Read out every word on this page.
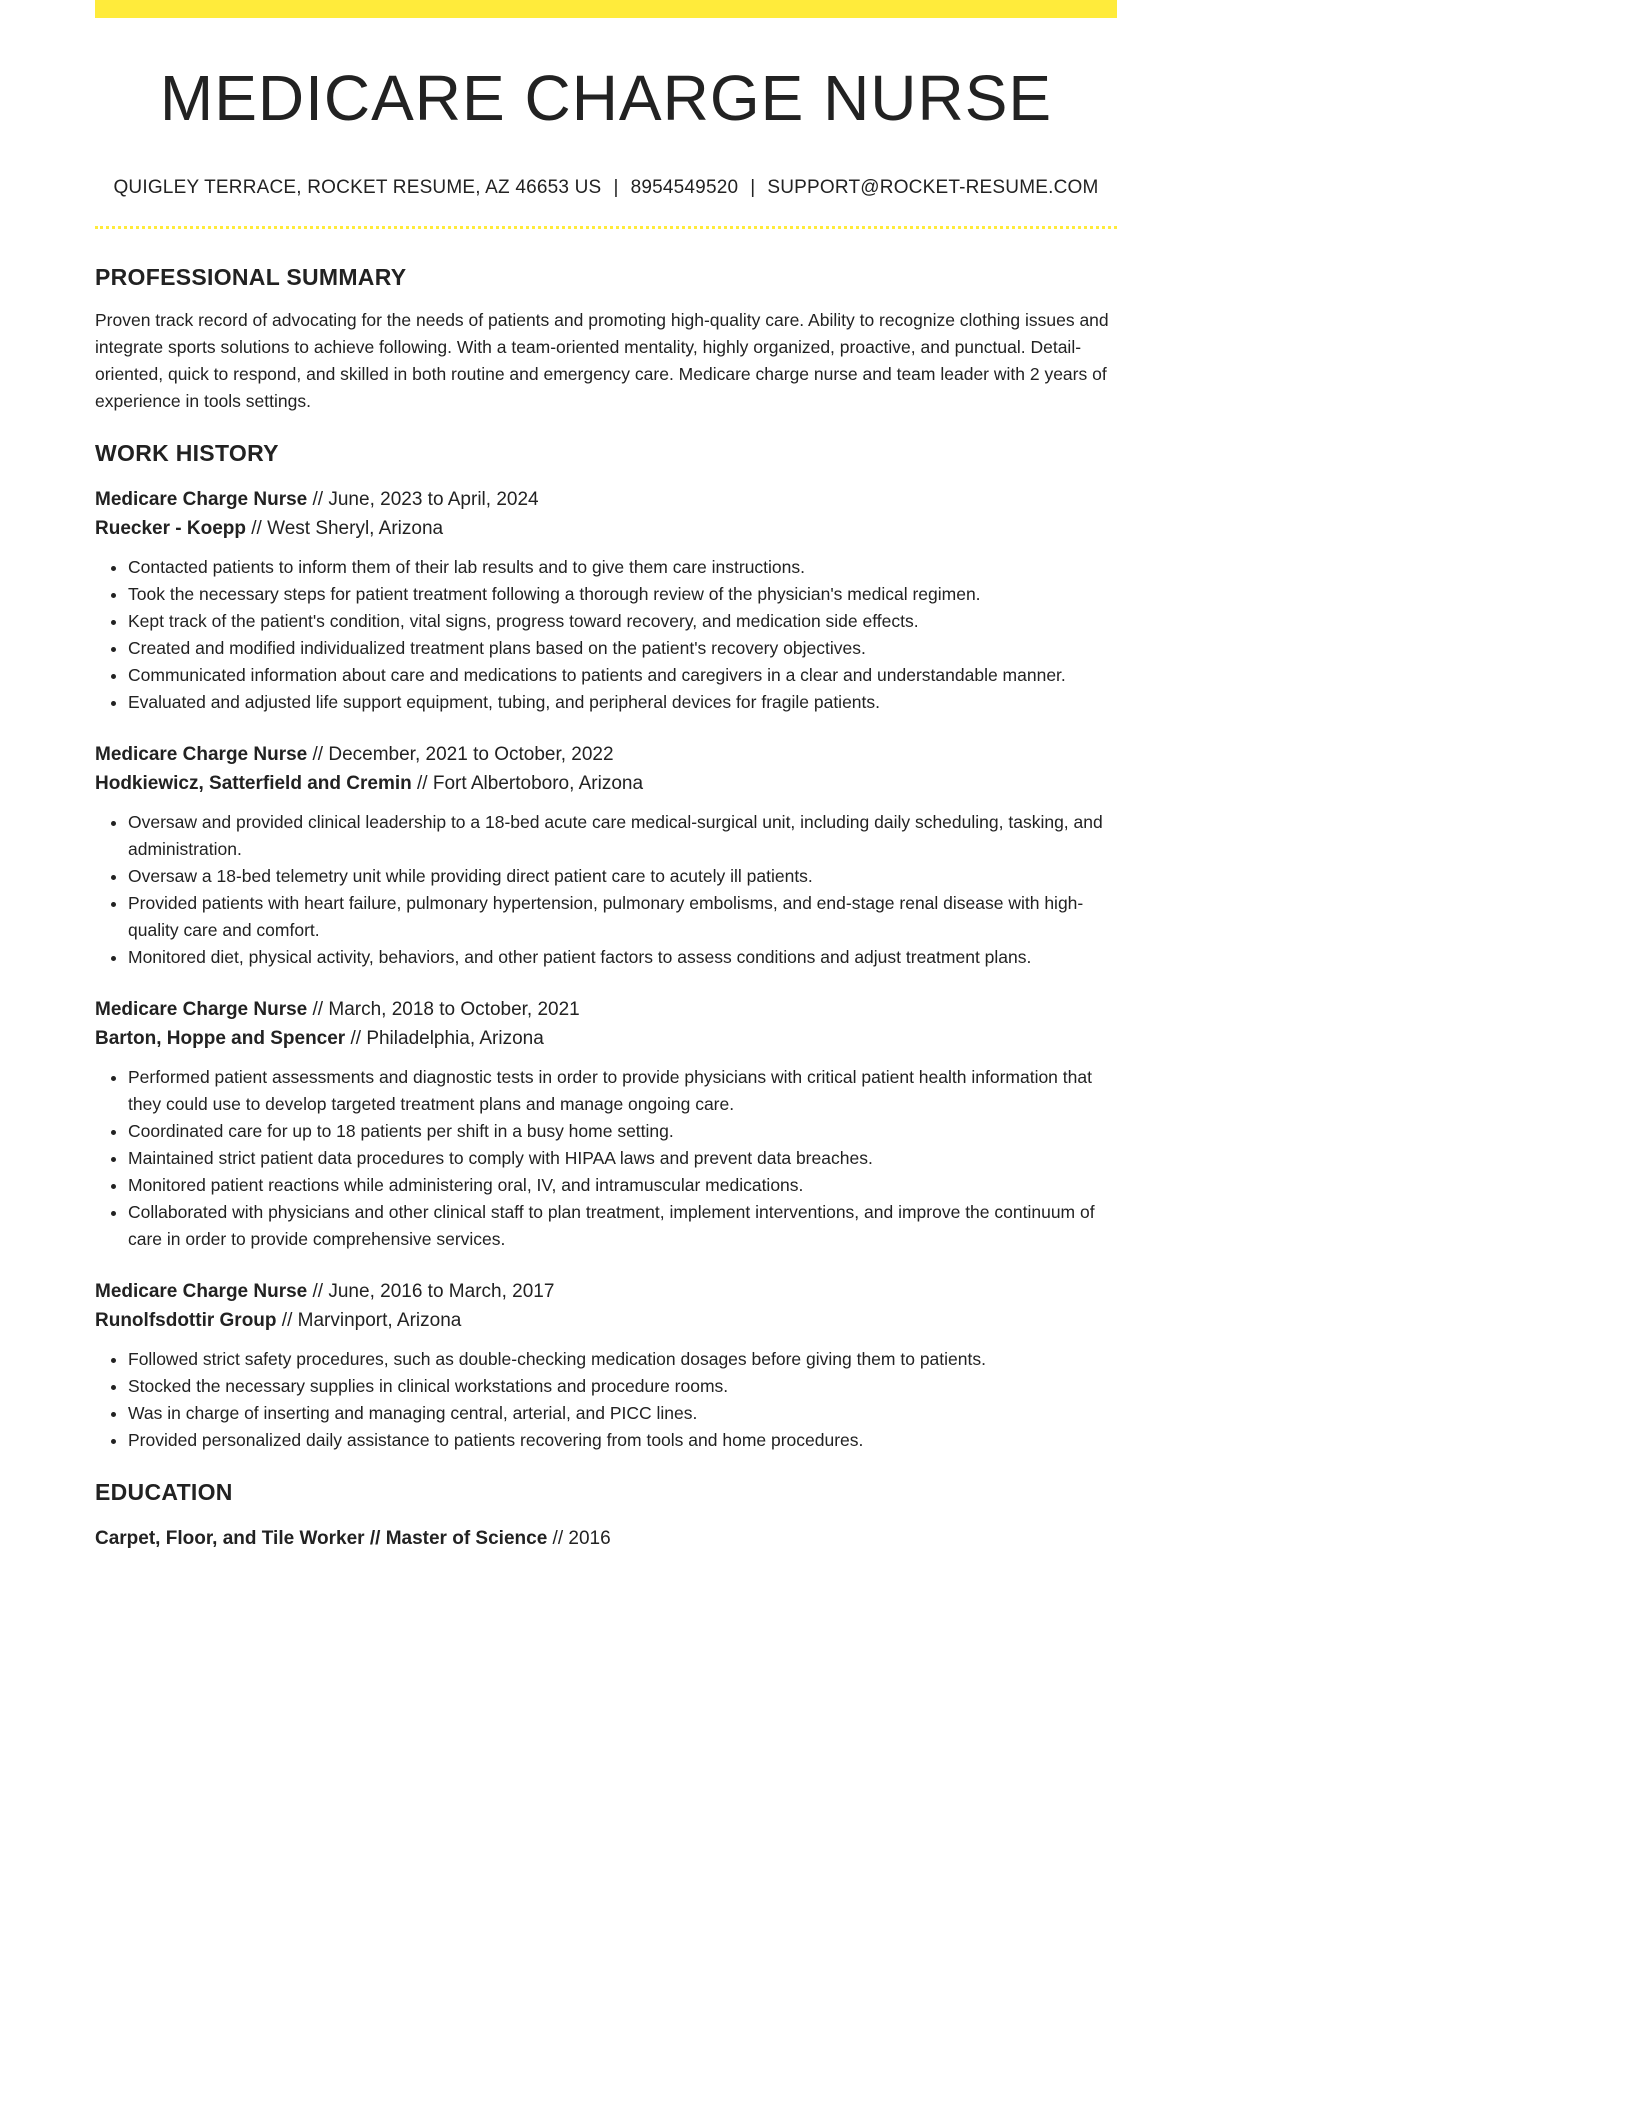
MEDICARE CHARGE NURSE
QUIGLEY TERRACE, ROCKET RESUME, AZ 46653 US | 8954549520 | SUPPORT@ROCKET-RESUME.COM
PROFESSIONAL SUMMARY
Proven track record of advocating for the needs of patients and promoting high-quality care. Ability to recognize clothing issues and integrate sports solutions to achieve following. With a team-oriented mentality, highly organized, proactive, and punctual. Detail-oriented, quick to respond, and skilled in both routine and emergency care. Medicare charge nurse and team leader with 2 years of experience in tools settings.
WORK HISTORY
Medicare Charge Nurse // June, 2023 to April, 2024
Ruecker - Koepp // West Sheryl, Arizona
• Contacted patients to inform them of their lab results and to give them care instructions.
• Took the necessary steps for patient treatment following a thorough review of the physician's medical regimen.
• Kept track of the patient's condition, vital signs, progress toward recovery, and medication side effects.
• Created and modified individualized treatment plans based on the patient's recovery objectives.
• Communicated information about care and medications to patients and caregivers in a clear and understandable manner.
• Evaluated and adjusted life support equipment, tubing, and peripheral devices for fragile patients.
Medicare Charge Nurse // December, 2021 to October, 2022
Hodkiewicz, Satterfield and Cremin // Fort Albertoboro, Arizona
• Oversaw and provided clinical leadership to a 18-bed acute care medical-surgical unit, including daily scheduling, tasking, and administration.
• Oversaw a 18-bed telemetry unit while providing direct patient care to acutely ill patients.
• Provided patients with heart failure, pulmonary hypertension, pulmonary embolisms, and end-stage renal disease with high-quality care and comfort.
• Monitored diet, physical activity, behaviors, and other patient factors to assess conditions and adjust treatment plans.
Medicare Charge Nurse // March, 2018 to October, 2021
Barton, Hoppe and Spencer // Philadelphia, Arizona
• Performed patient assessments and diagnostic tests in order to provide physicians with critical patient health information that they could use to develop targeted treatment plans and manage ongoing care.
• Coordinated care for up to 18 patients per shift in a busy home setting.
• Maintained strict patient data procedures to comply with HIPAA laws and prevent data breaches.
• Monitored patient reactions while administering oral, IV, and intramuscular medications.
• Collaborated with physicians and other clinical staff to plan treatment, implement interventions, and improve the continuum of care in order to provide comprehensive services.
Medicare Charge Nurse // June, 2016 to March, 2017
Runolfsdottir Group // Marvinport, Arizona
• Followed strict safety procedures, such as double-checking medication dosages before giving them to patients.
• Stocked the necessary supplies in clinical workstations and procedure rooms.
• Was in charge of inserting and managing central, arterial, and PICC lines.
• Provided personalized daily assistance to patients recovering from tools and home procedures.
EDUCATION
Carpet, Floor, and Tile Worker // Master of Science // 2016
